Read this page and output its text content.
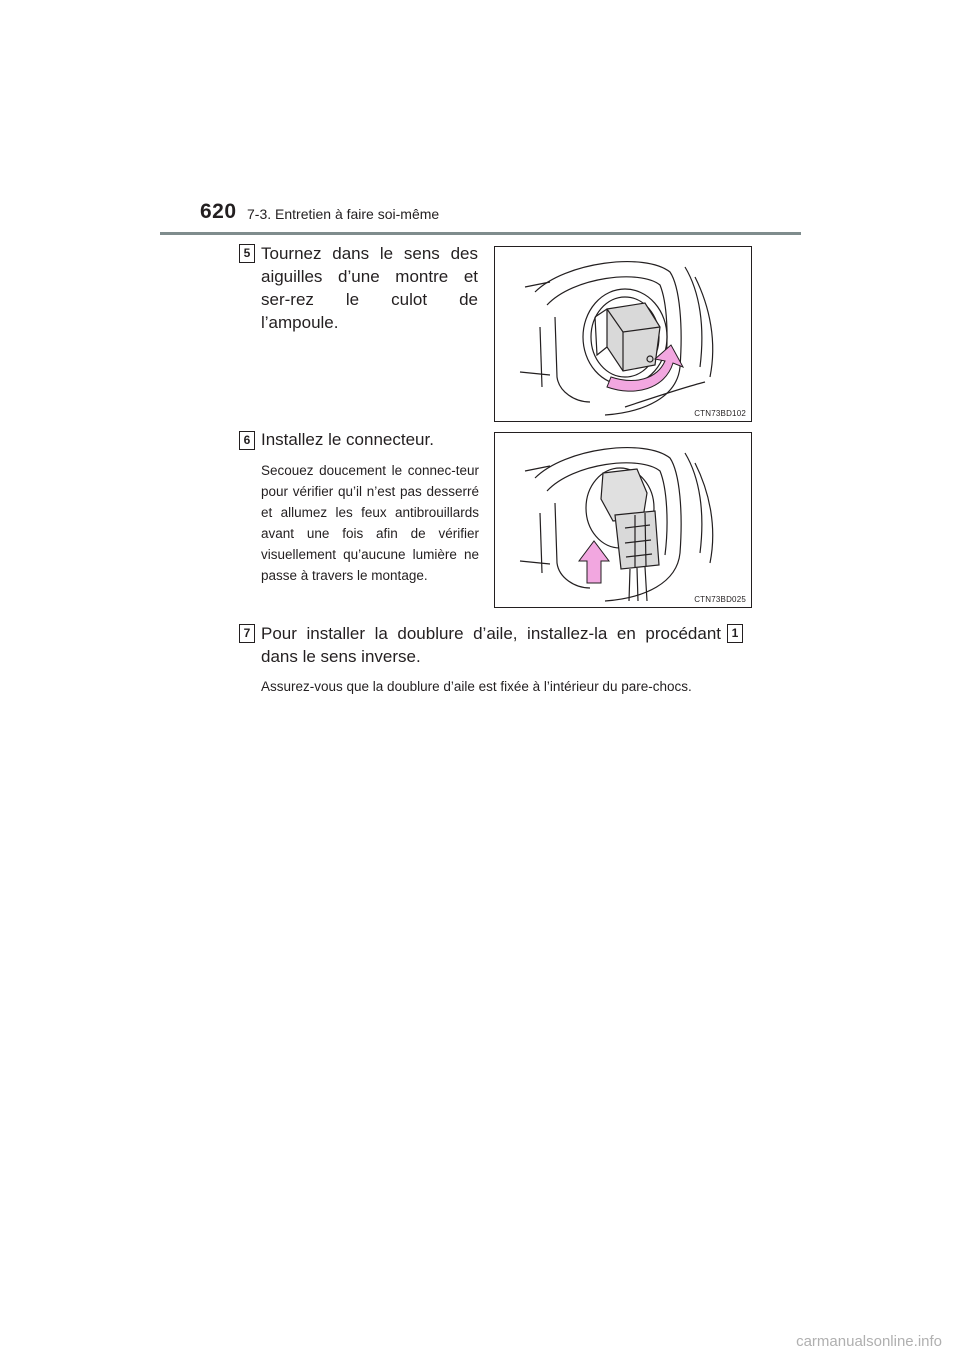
620 7-3. Entretien à faire soi-même
5 Tournez dans le sens des aiguilles d’une montre et ser-rez le culot de l’ampoule.
CTN73BD102
6 Installez le connecteur.
Secouez doucement le connec-teur pour vérifier qu’il n’est pas desserré et allumez les feux antibrouillards avant une fois afin de vérifier visuellement qu’aucune lumière ne passe à travers le montage.
CTN73BD025
7 Pour installer la doublure d’aile, installez-la en procédant dans le sens inverse.
1
Assurez-vous que la doublure d’aile est fixée à l’intérieur du pare-chocs.
carmanualsonline.info
